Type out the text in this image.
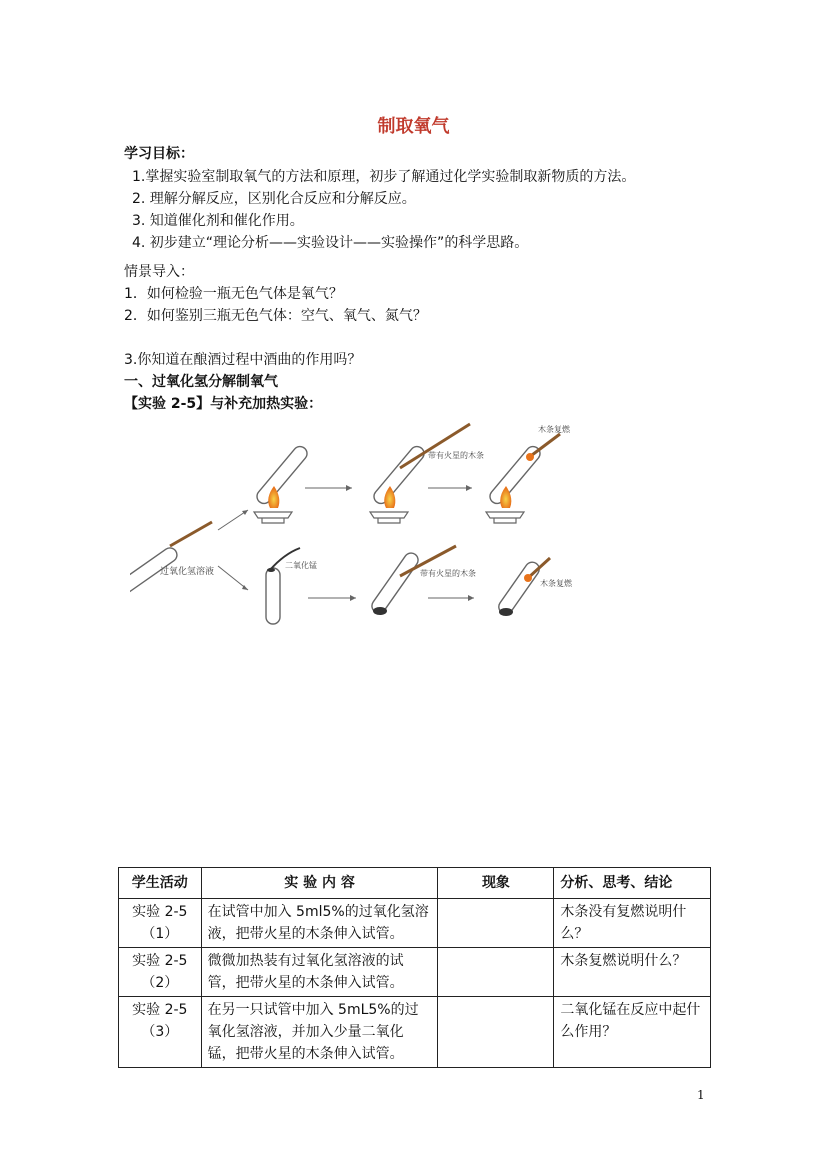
制取氧气
学习目标：
1.掌握实验室制取氧气的方法和原理，初步了解通过化学实验制取新物质的方法。
2. 理解分解反应，区别化合反应和分解反应。
3. 知道催化剂和催化作用。
4. 初步建立“理论分析——实验设计——实验操作”的科学思路。
情景导入：
1．如何检验一瓶无色气体是氧气？
2．如何鉴别三瓶无色气体：空气、氧气、氮气？
3.你知道在酿酒过程中酒曲的作用吗？
一、过氧化氢分解制氧气
【实验 2-5】与补充加热实验：
过氧化氢溶液
带有火星的木条
木条复燃
二氧化锰
带有火星的木条
木条复燃
学生活动	实 验 内 容	现象	分析、思考、结论
实验 2-5（1）	在试管中加入 5ml5%的过氧化氢溶液，把带火星的木条伸入试管。		木条没有复燃说明什么？
实验 2-5（2）	微微加热装有过氧化氢溶液的试管，把带火星的木条伸入试管。		木条复燃说明什么？
实验 2-5（3）	在另一只试管中加入 5mL5%的过氧化氢溶液，并加入少量二氧化锰，把带火星的木条伸入试管。		二氧化锰在反应中起什么作用？
1
